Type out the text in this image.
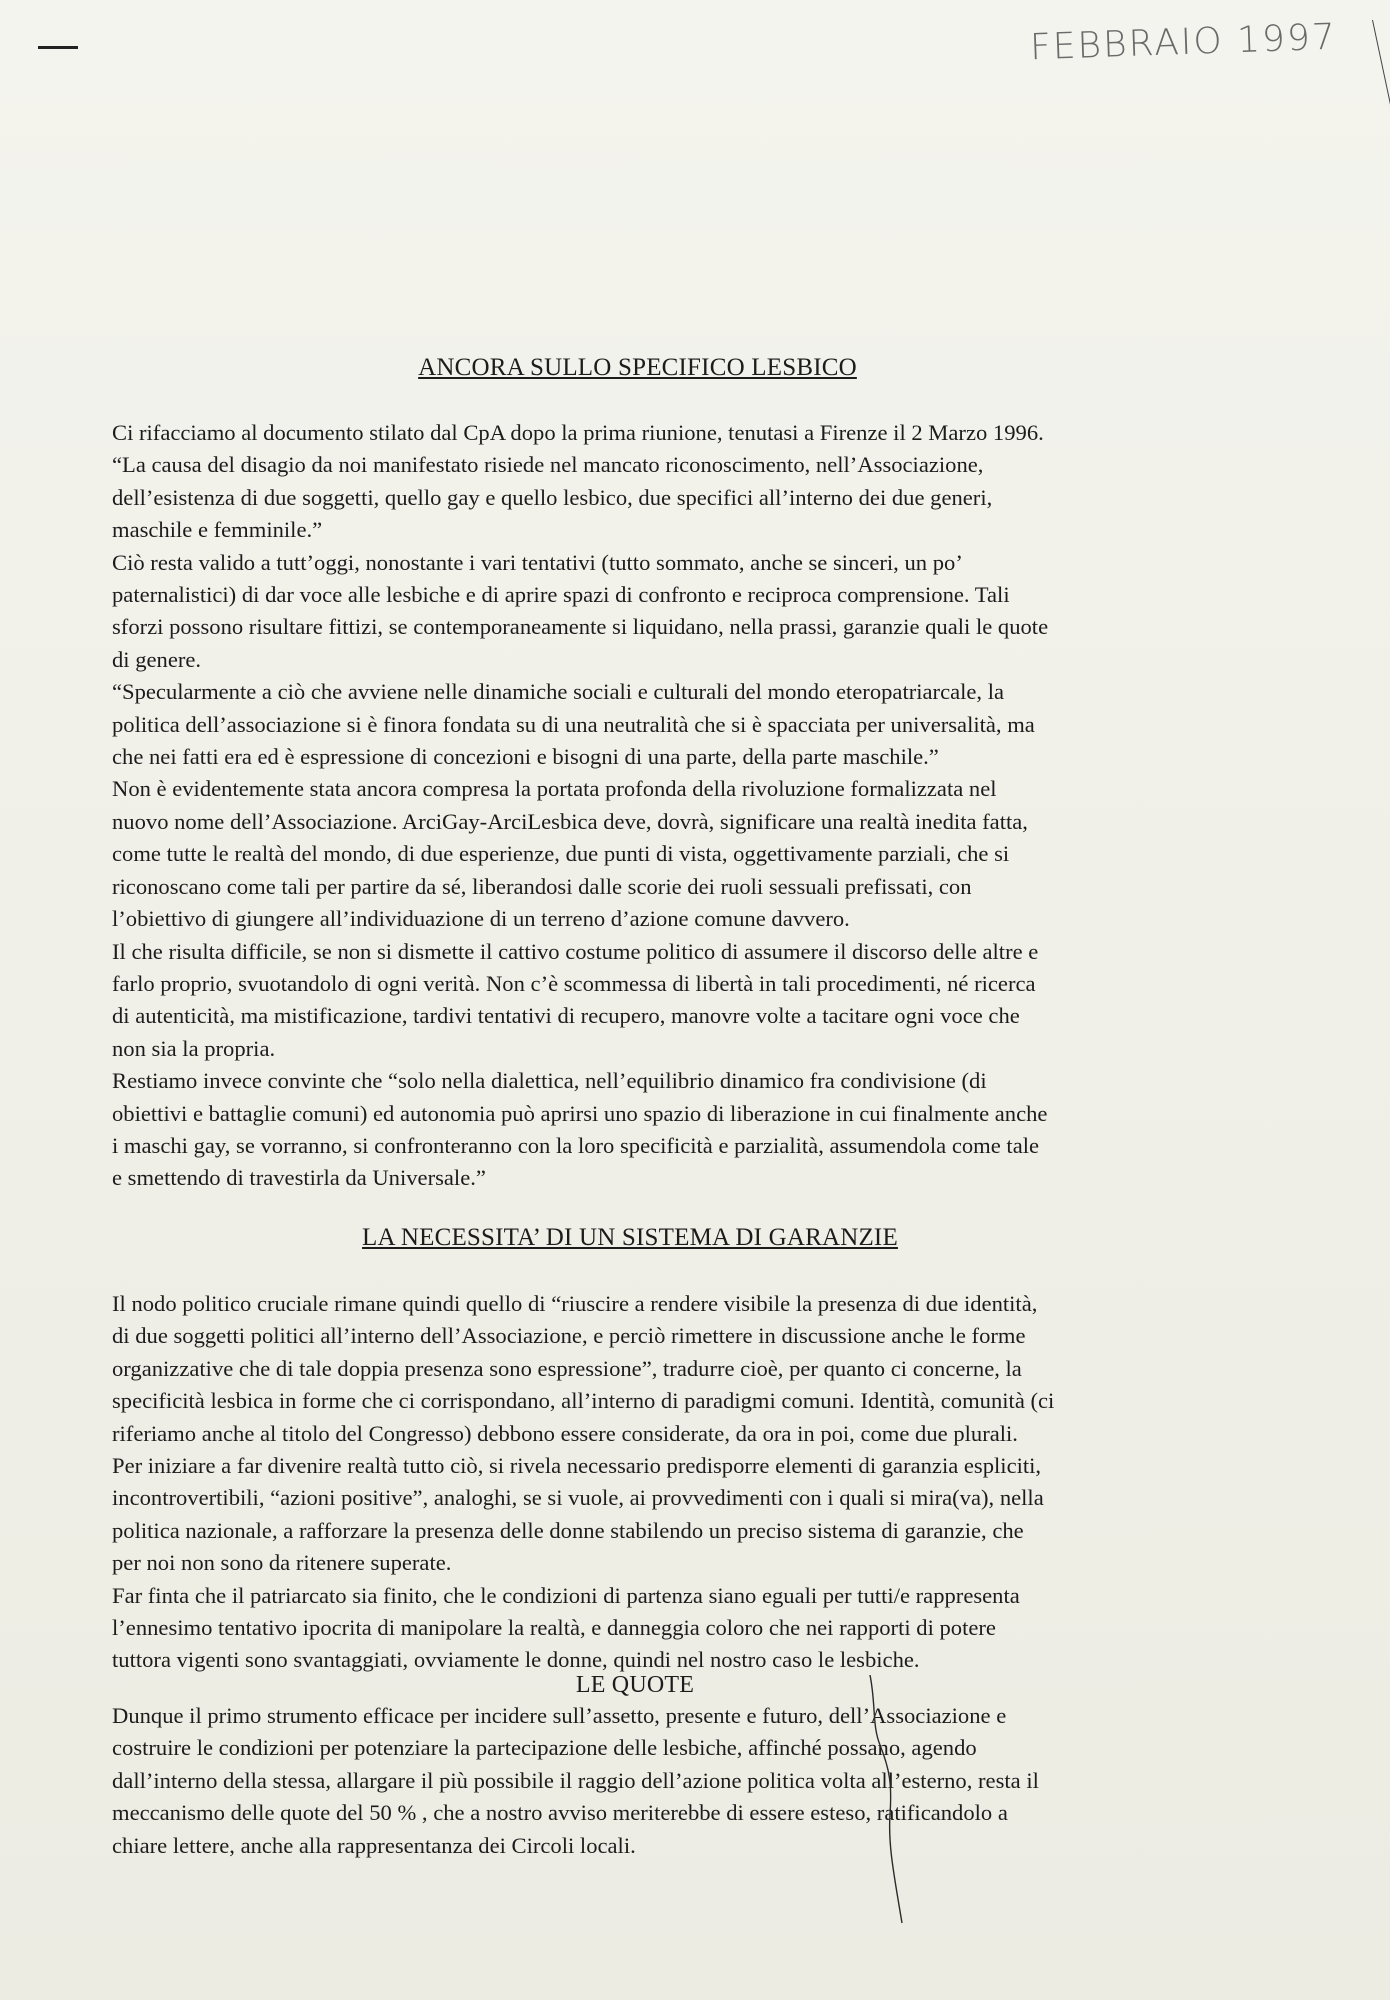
FEBBRAIO 1997
ANCORA SULLO SPECIFICO LESBICO

Ci rifacciamo al documento stilato dal CpA dopo la prima riunione, tenutasi a Firenze il 2 Marzo 1996.

“La causa del disagio da noi manifestato risiede nel mancato riconoscimento, nell’Associazione,

dell’esistenza di due soggetti, quello gay e quello lesbico, due specifici all’interno dei due generi,

maschile e femminile.”

Ciò resta valido a tutt’oggi, nonostante i vari tentativi (tutto sommato, anche se sinceri, un po’

paternalistici) di dar voce alle lesbiche e di aprire spazi di confronto e reciproca comprensione. Tali

sforzi possono risultare fittizi, se contemporaneamente si liquidano, nella prassi, garanzie quali le quote

di genere.

“Specularmente a ciò che avviene nelle dinamiche sociali e culturali del mondo eteropatriarcale, la

politica dell’associazione si è finora fondata su di una neutralità che si è spacciata per universalità, ma

che nei fatti era ed è espressione di concezioni e bisogni di una parte, della parte maschile.”

Non è evidentemente stata ancora compresa la portata profonda della rivoluzione formalizzata nel

nuovo nome dell’Associazione. ArciGay-ArciLesbica deve, dovrà, significare una realtà inedita fatta,

come tutte le realtà del mondo, di due esperienze, due punti di vista, oggettivamente parziali, che si

riconoscano come tali per partire da sé, liberandosi dalle scorie dei ruoli sessuali prefissati, con

l’obiettivo di giungere all’individuazione di un terreno d’azione comune davvero.

Il che risulta difficile, se non si dismette il cattivo costume politico di assumere il discorso delle altre e

farlo proprio, svuotandolo di ogni verità. Non c’è scommessa di libertà in tali procedimenti, né ricerca

di autenticità, ma mistificazione, tardivi tentativi di recupero, manovre volte a tacitare ogni voce che

non sia la propria.

Restiamo invece convinte che “solo nella dialettica, nell’equilibrio dinamico fra condivisione (di

obiettivi e battaglie comuni) ed autonomia può aprirsi uno spazio di liberazione in cui finalmente anche

i maschi gay, se vorranno, si confronteranno con la loro specificità e parzialità, assumendola come tale

e smettendo di travestirla da Universale.”

LA NECESSITA’ DI UN SISTEMA DI GARANZIE

Il nodo politico cruciale rimane quindi quello di “riuscire a rendere visibile la presenza di due identità,

di due soggetti politici all’interno dell’Associazione, e perciò rimettere in discussione anche le forme

organizzative che di tale doppia presenza sono espressione”, tradurre cioè, per quanto ci concerne, la

specificità lesbica in forme che ci corrispondano, all’interno di paradigmi comuni. Identità, comunità (ci

riferiamo anche al titolo del Congresso) debbono essere considerate, da ora in poi, come due plurali.

Per iniziare a far divenire realtà tutto ciò, si rivela necessario predisporre elementi di garanzia espliciti,

incontrovertibili, “azioni positive”, analoghi, se si vuole, ai provvedimenti con i quali si mira(va), nella

politica nazionale, a rafforzare la presenza delle donne stabilendo un preciso sistema di garanzie, che

per noi non sono da ritenere superate.

Far finta che il patriarcato sia finito, che le condizioni di partenza siano eguali per tutti/e rappresenta

l’ennesimo tentativo ipocrita di manipolare la realtà, e danneggia coloro che nei rapporti di potere

tuttora vigenti sono svantaggiati, ovviamente le donne, quindi nel nostro caso le lesbiche.

LE QUOTE

Dunque il primo strumento efficace per incidere sull’assetto, presente e futuro, dell’Associazione e

costruire le condizioni per potenziare la partecipazione delle lesbiche, affinché possano, agendo

dall’interno della stessa, allargare il più possibile il raggio dell’azione politica volta all’esterno, resta il

meccanismo delle quote del 50 % , che a nostro avviso meriterebbe di essere esteso, ratificandolo a

chiare lettere, anche alla rappresentanza dei Circoli locali.
